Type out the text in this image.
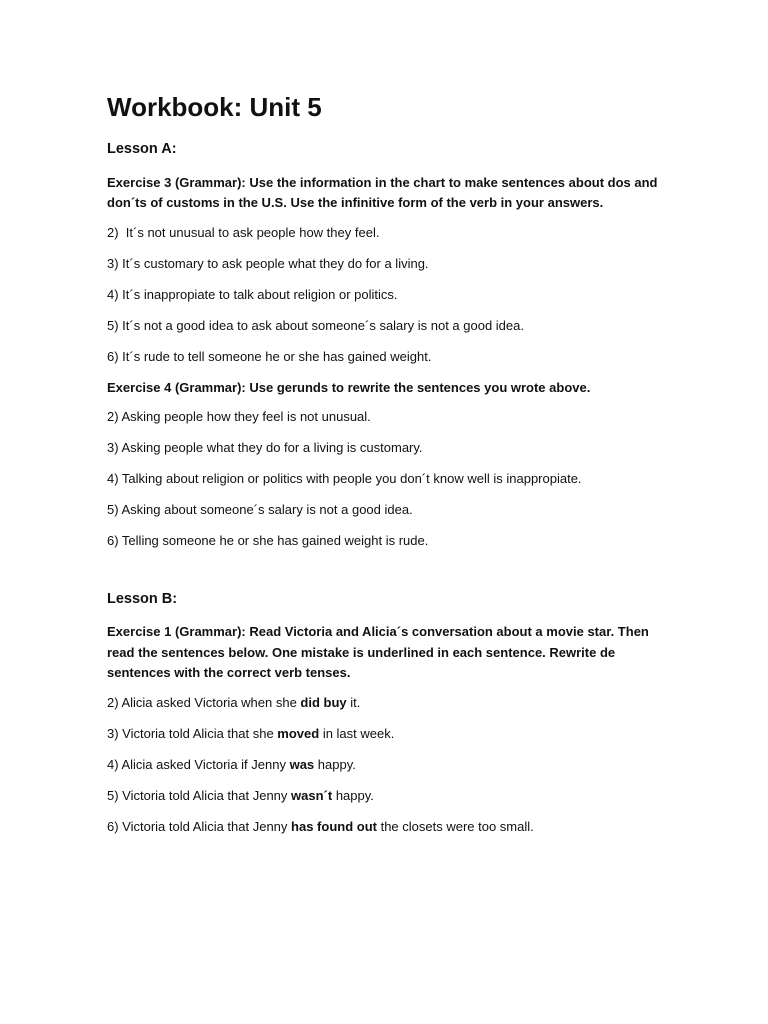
Workbook: Unit 5
Lesson A:
Exercise 3 (Grammar): Use the information in the chart to make sentences about dos and don´ts of customs in the U.S. Use the infinitive form of the verb in your answers.
2)  It´s not unusual to ask people how they feel.
3) It´s customary to ask people what they do for a living.
4) It´s inappropiate to talk about religion or politics.
5) It´s not a good idea to ask about someone´s salary is not a good idea.
6) It´s rude to tell someone he or she has gained weight.
Exercise 4 (Grammar): Use gerunds to rewrite the sentences you wrote above.
2) Asking people how they feel is not unusual.
3) Asking people what they do for a living is customary.
4) Talking about religion or politics with people you don´t know well is inappropiate.
5) Asking about someone´s salary is not a good idea.
6) Telling someone he or she has gained weight is rude.
Lesson B:
Exercise 1 (Grammar): Read Victoria and Alicia´s conversation about a movie star. Then read the sentences below. One mistake is underlined in each sentence. Rewrite de sentences with the correct verb tenses.
2) Alicia asked Victoria when she did buy it.
3) Victoria told Alicia that she moved in last week.
4) Alicia asked Victoria if Jenny was happy.
5) Victoria told Alicia that Jenny wasn´t happy.
6) Victoria told Alicia that Jenny has found out the closets were too small.
